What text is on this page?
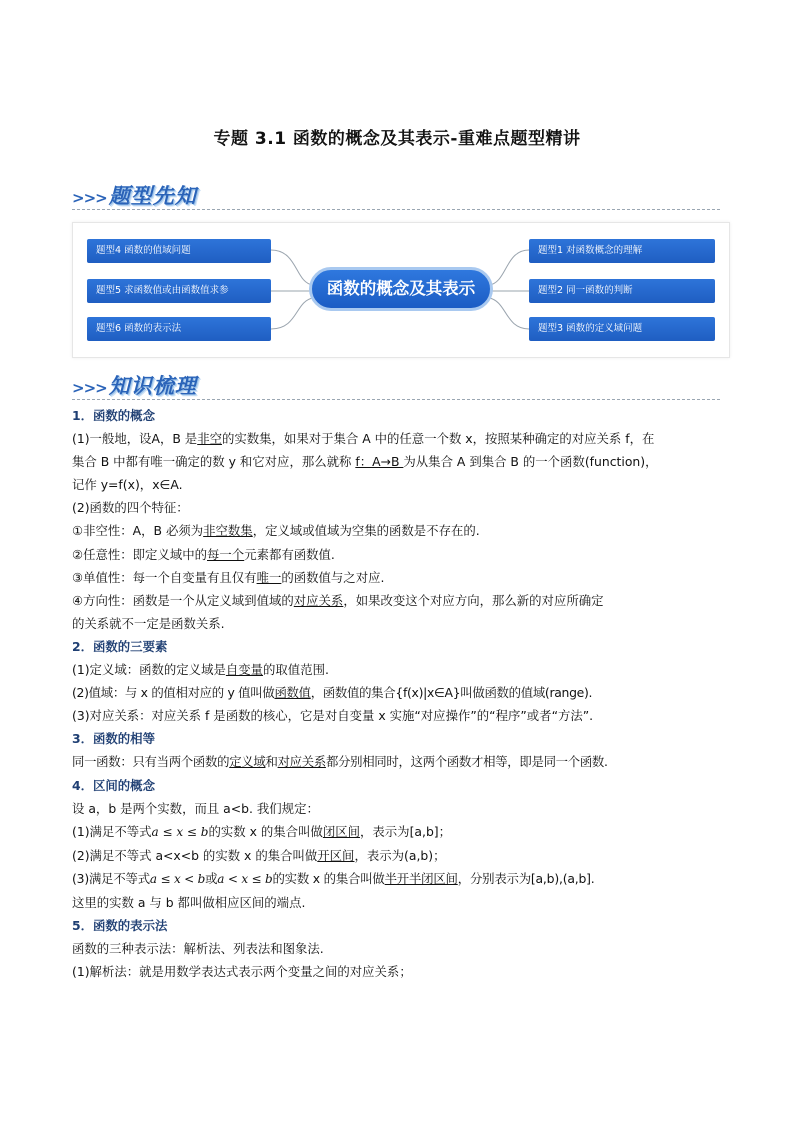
专题 3.1 函数的概念及其表示-重难点题型精讲
>>>题型先知
题型4 函数的值域问题
题型5 求函数值或由函数值求参
题型6 函数的表示法
函数的概念及其表示
题型1 对函数概念的理解
题型2 同一函数的判断
题型3 函数的定义域问题
>>>知识梳理

1．函数的概念

(1)一般地，设A，B 是非空的实数集，如果对于集合 A 中的任意一个数 x，按照某种确定的对应关系 f，在

集合 B 中都有唯一确定的数 y 和它对应，那么就称 f：A→B 为从集合 A 到集合 B 的一个函数(function)，

记作 y=f(x)，x∈A.

(2)函数的四个特征：

①非空性：A，B 必须为非空数集，定义域或值域为空集的函数是不存在的.

②任意性：即定义域中的每一个元素都有函数值.

③单值性：每一个自变量有且仅有唯一的函数值与之对应.

④方向性：函数是一个从定义域到值域的对应关系，如果改变这个对应方向，那么新的对应所确定

的关系就不一定是函数关系.

2．函数的三要素

(1)定义域：函数的定义域是自变量的取值范围.

(2)值域：与 x 的值相对应的 y 值叫做函数值，函数值的集合{f(x)|x∈A}叫做函数的值域(range).

(3)对应关系：对应关系 f 是函数的核心，它是对自变量 x 实施“对应操作”的“程序”或者“方法”.

3．函数的相等

同一函数：只有当两个函数的定义域和对应关系都分别相同时，这两个函数才相等，即是同一个函数.

4．区间的概念

设 a，b 是两个实数，而且 a<b. 我们规定：

(1)满足不等式a ≤ x ≤ b的实数 x 的集合叫做闭区间，表示为[a,b]；

(2)满足不等式 a<x<b 的实数 x 的集合叫做开区间，表示为(a,b)；

(3)满足不等式a ≤ x < b或a < x ≤ b的实数 x 的集合叫做半开半闭区间，分别表示为[a,b),(a,b].

这里的实数 a 与 b 都叫做相应区间的端点.

5．函数的表示法

函数的三种表示法：解析法、列表法和图象法.

(1)解析法：就是用数学表达式表示两个变量之间的对应关系；
